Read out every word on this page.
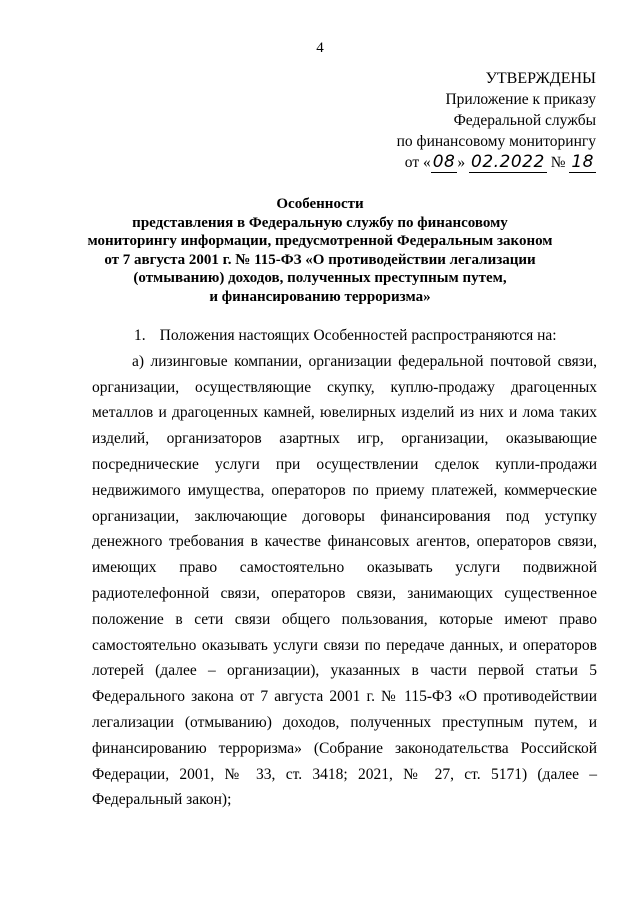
4
УТВЕРЖДЕНЫ
Приложение к приказу
Федеральной службы
по финансовому мониторингу
от « 08 » 02.2022 № 18
Особенности
представления в Федеральную службу по финансовому
мониторингу информации, предусмотренной Федеральным законом
от 7 августа 2001 г. № 115-ФЗ «О противодействии легализации
(отмыванию) доходов, полученных преступным путем,
и финансированию терроризма»

1. Положения настоящих Особенностей распространяются на:

а) лизинговые компании, организации федеральной почтовой связи, организации, осуществляющие скупку, куплю-продажу драгоценных металлов и драгоценных камней, ювелирных изделий из них и лома таких изделий, организаторов азартных игр, организации, оказывающие посреднические услуги при осуществлении сделок купли-продажи недвижимого имущества, операторов по приему платежей, коммерческие организации, заключающие договоры финансирования под уступку денежного требования в качестве финансовых агентов, операторов связи, имеющих право самостоятельно оказывать услуги подвижной радиотелефонной связи, операторов связи, занимающих существенное положение в сети связи общего пользования, которые имеют право самостоятельно оказывать услуги связи по передаче данных, и операторов лотерей (далее – организации), указанных в части первой статьи 5 Федерального закона от 7 августа 2001 г. № 115-ФЗ «О противодействии легализации (отмыванию) доходов, полученных преступным путем, и финансированию терроризма» (Собрание законодательства Российской Федерации, 2001, № 33, ст. 3418; 2021, № 27, ст. 5171) (далее – Федеральный закон);
